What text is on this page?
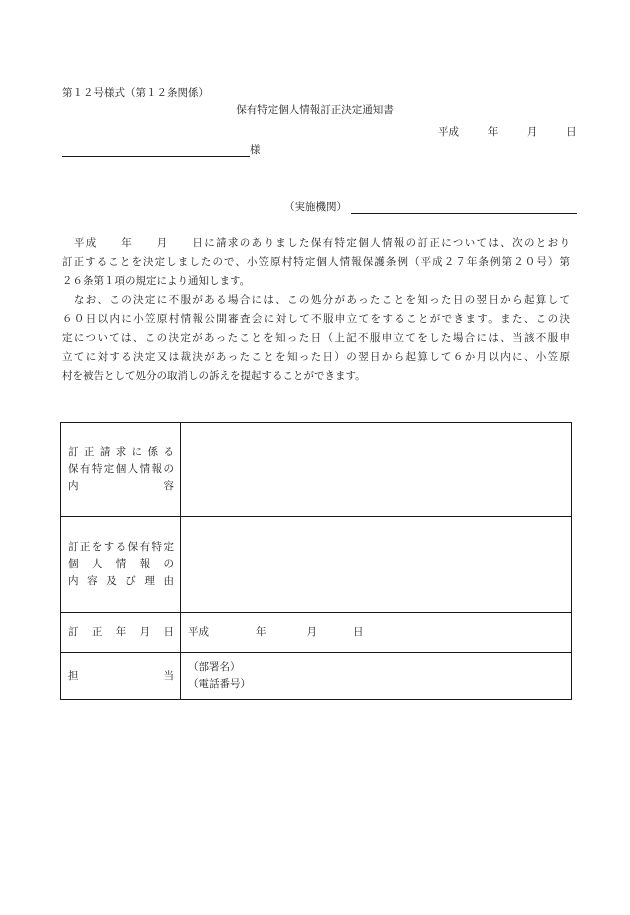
第１２号様式（第１２条関係）
保有特定個人情報訂正決定通知書
平成	年	月	日
様
（実施機関）
　平成　　年　　月　　日に請求のありました保有特定個人情報の訂正については、次のとおり
訂正することを決定しましたので、小笠原村特定個人情報保護条例（平成２７年条例第２０号）第
２６条第１項の規定により通知します。
　なお、この決定に不服がある場合には、この処分があったことを知った日の翌日から起算して
６０日以内に小笠原村情報公開審査会に対して不服申立てをすることができます。また、この決
定については、この決定があったことを知った日（上記不服申立てをした場合には、当該不服申
立てに対する決定又は裁決があったことを知った日）の翌日から起算して６か月以内に、小笠原
村を被告として処分の取消しの訴えを提起することができます。
訂正請求に係る
保有特定個人情報の
内容	

訂正をする保有特定
個人情報の
内容及び理由	

訂正年月日	平成 年 月 日

担当	（部署名）
（電話番号）
